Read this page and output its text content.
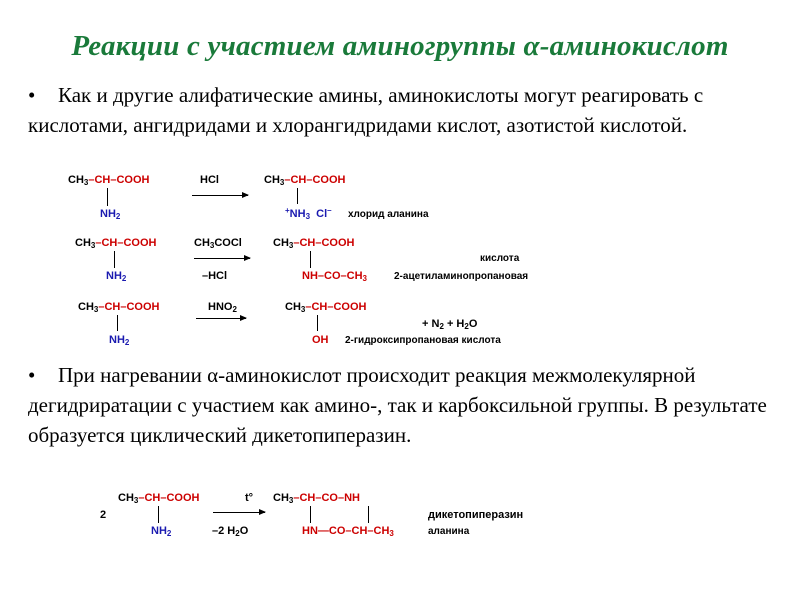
Реакции с участием аминогруппы α-аминокислот
• Как и другие алифатические амины, аминокислоты могут реагировать с кислотами, ангидридами и хлорангидридами кислот, азотистой кислотой.
$CH_3-CH$–COOH
$NH_2$
HCl	$CH_3-CH$–COOH
$^+NH_3$ Cl– хлорид аланина
$CH_3-CH$–COOH
$NH_2$
$CH_3COCl$
–HCl
$CH_3-CH$–COOH
$NH-CO-CH_3$
кислота
2-ацетиламинопропановая
$CH_3-CH$–COOH
$NH_2$
$HNO_2$	$CH_3-CH$–COOH
OH
+ $N_2 + H_2O$
2-гидроксипропановая кислота
• При нагревании α-аминокислот происходит реакция межмолекулярной дегидриратации с участием как амино-, так и карбоксильной группы. В результате образуется циклический дикетопиперазин.
2
$CH_3-CH$–COOH
$NH_2$
t°
–2 $H_2O$
$CH_3-CH-CO-NH$
$HN—CO-CH-CH_3$
дикетопиперазин
аланина
